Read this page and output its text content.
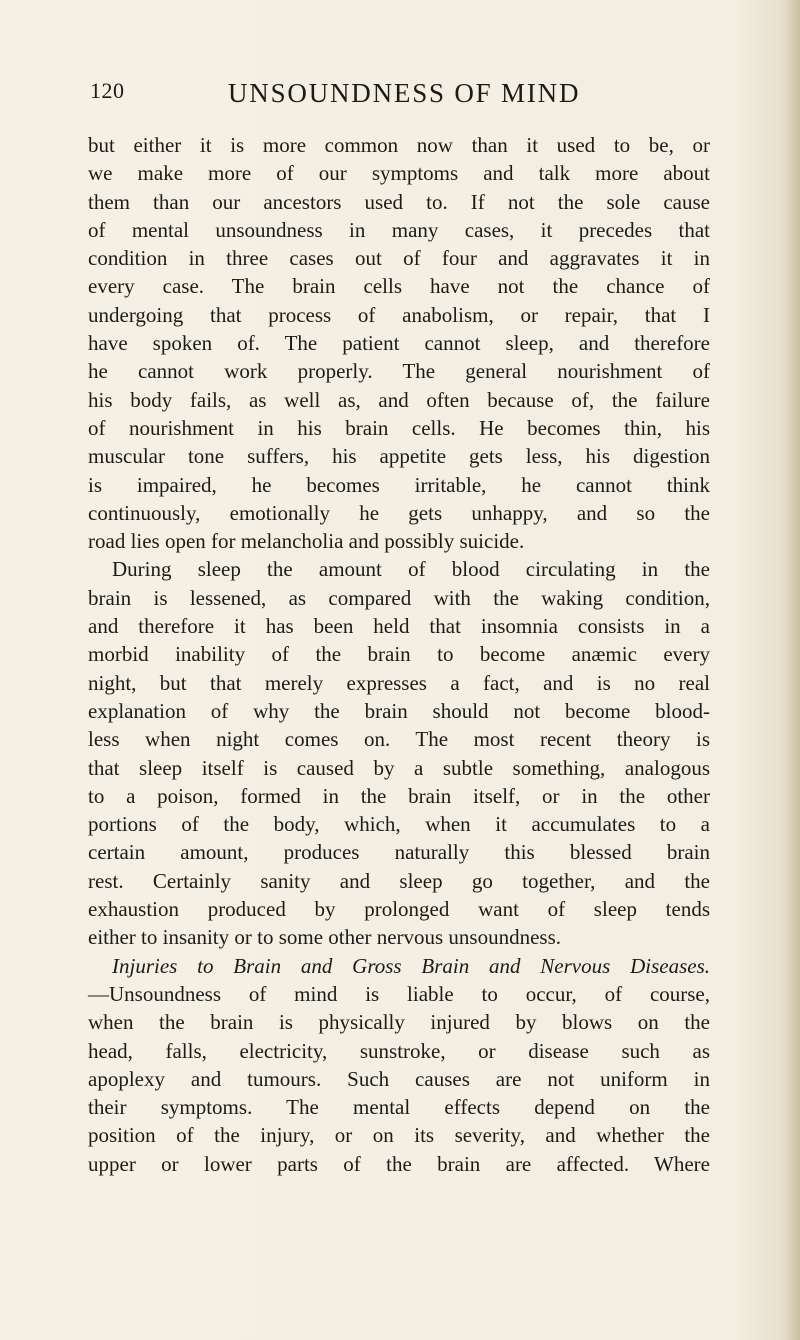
120	UNSOUNDNESS OF MIND
but either it is more common now than it used to be, or
we make more of our symptoms and talk more about
them than our ancestors used to. If not the sole cause
of mental unsoundness in many cases, it precedes that
condition in three cases out of four and aggravates it in
every case. The brain cells have not the chance of
undergoing that process of anabolism, or repair, that I
have spoken of. The patient cannot sleep, and therefore
he cannot work properly. The general nourishment of
his body fails, as well as, and often because of, the failure
of nourishment in his brain cells. He becomes thin, his
muscular tone suffers, his appetite gets less, his digestion
is impaired, he becomes irritable, he cannot think
continuously, emotionally he gets unhappy, and so the
road lies open for melancholia and possibly suicide.
During sleep the amount of blood circulating in the
brain is lessened, as compared with the waking condition,
and therefore it has been held that insomnia consists in a
morbid inability of the brain to become anæmic every
night, but that merely expresses a fact, and is no real
explanation of why the brain should not become blood-
less when night comes on. The most recent theory is
that sleep itself is caused by a subtle something, analogous
to a poison, formed in the brain itself, or in the other
portions of the body, which, when it accumulates to a
certain amount, produces naturally this blessed brain
rest. Certainly sanity and sleep go together, and the
exhaustion produced by prolonged want of sleep tends
either to insanity or to some other nervous unsoundness.
Injuries to Brain and Gross Brain and Nervous Diseases.
—Unsoundness of mind is liable to occur, of course,
when the brain is physically injured by blows on the
head, falls, electricity, sunstroke, or disease such as
apoplexy and tumours. Such causes are not uniform in
their symptoms. The mental effects depend on the
position of the injury, or on its severity, and whether the
upper or lower parts of the brain are affected. Where
